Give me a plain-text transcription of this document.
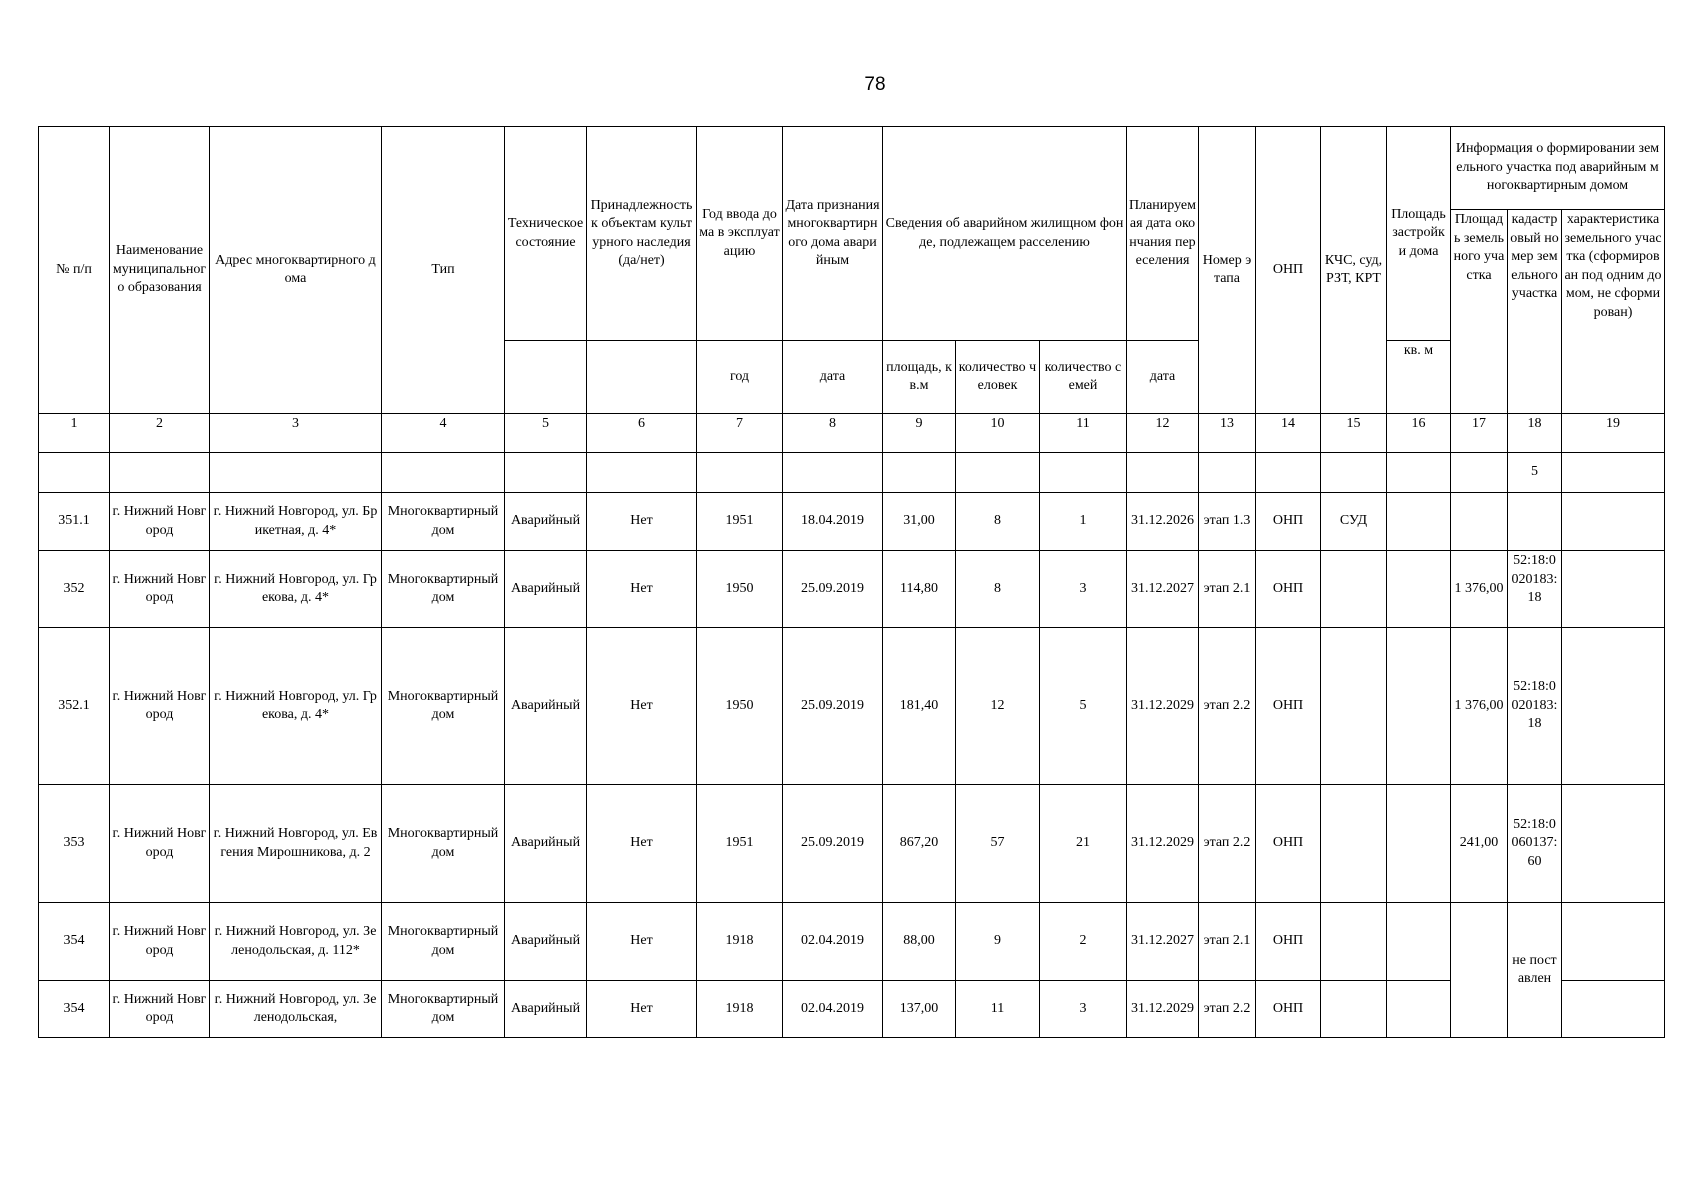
78
№ п/п	Наименование муниципального образования	Адрес многоквартирного дома	Тип	Техническое состояние	Принадлежность к объектам культурного наследия (да/нет)	Год ввода дома в эксплуатацию	Дата признания многоквартирного дома аварийным	Сведения об аварийном жилищном фонде, подлежащем расселению			Планируемая дата окончания переселения	Номер этапа	ОНП	КЧС, суд, РЗТ, КРТ	Площадь застройки дома	Информация о формировании земельного участка под аварийным многоквартирным домом		
																Площадь земельного участка	кадастровый номер земельного участка	характеристика земельного участка (сформирован под одним домом, не сформирован)
						год	дата	площадь, кв.м	количество человек	количество семей	дата				кв. м			
1	2	3	4	5	6	7	8	9	10	11	12	13	14	15	16	17	18	19
																	5	
351.1	г. Нижний Новгород	г. Нижний Новгород, ул. Брикетная, д. 4*	Многоквартирный дом	Аварийный	Нет	1951	18.04.2019	31,00	8	1	31.12.2026	этап 1.3	ОНП	СУД				
352	г. Нижний Новгород	г. Нижний Новгород, ул. Грекова, д. 4*	Многоквартирный дом	Аварийный	Нет	1950	25.09.2019	114,80	8	3	31.12.2027	этап 2.1	ОНП			1 376,00	52:18:0020183:18	
352.1	г. Нижний Новгород	г. Нижний Новгород, ул. Грекова, д. 4*	Многоквартирный дом	Аварийный	Нет	1950	25.09.2019	181,40	12	5	31.12.2029	этап 2.2	ОНП			1 376,00	52:18:0020183:18	
353	г. Нижний Новгород	г. Нижний Новгород, ул. Евгения Мирошникова, д. 2	Многоквартирный дом	Аварийный	Нет	1951	25.09.2019	867,20	57	21	31.12.2029	этап 2.2	ОНП			241,00	52:18:0060137:60	
354	г. Нижний Новгород	г. Нижний Новгород, ул. Зеленодольская, д. 112*	Многоквартирный дом	Аварийный	Нет	1918	02.04.2019	88,00	9	2	31.12.2027	этап 2.1	ОНП				не поставлен	
354	г. Нижний Новгород	г. Нижний Новгород, ул. Зеленодольская,	Многоквартирный дом	Аварийный	Нет	1918	02.04.2019	137,00	11	3	31.12.2029	этап 2.2	ОНП					
